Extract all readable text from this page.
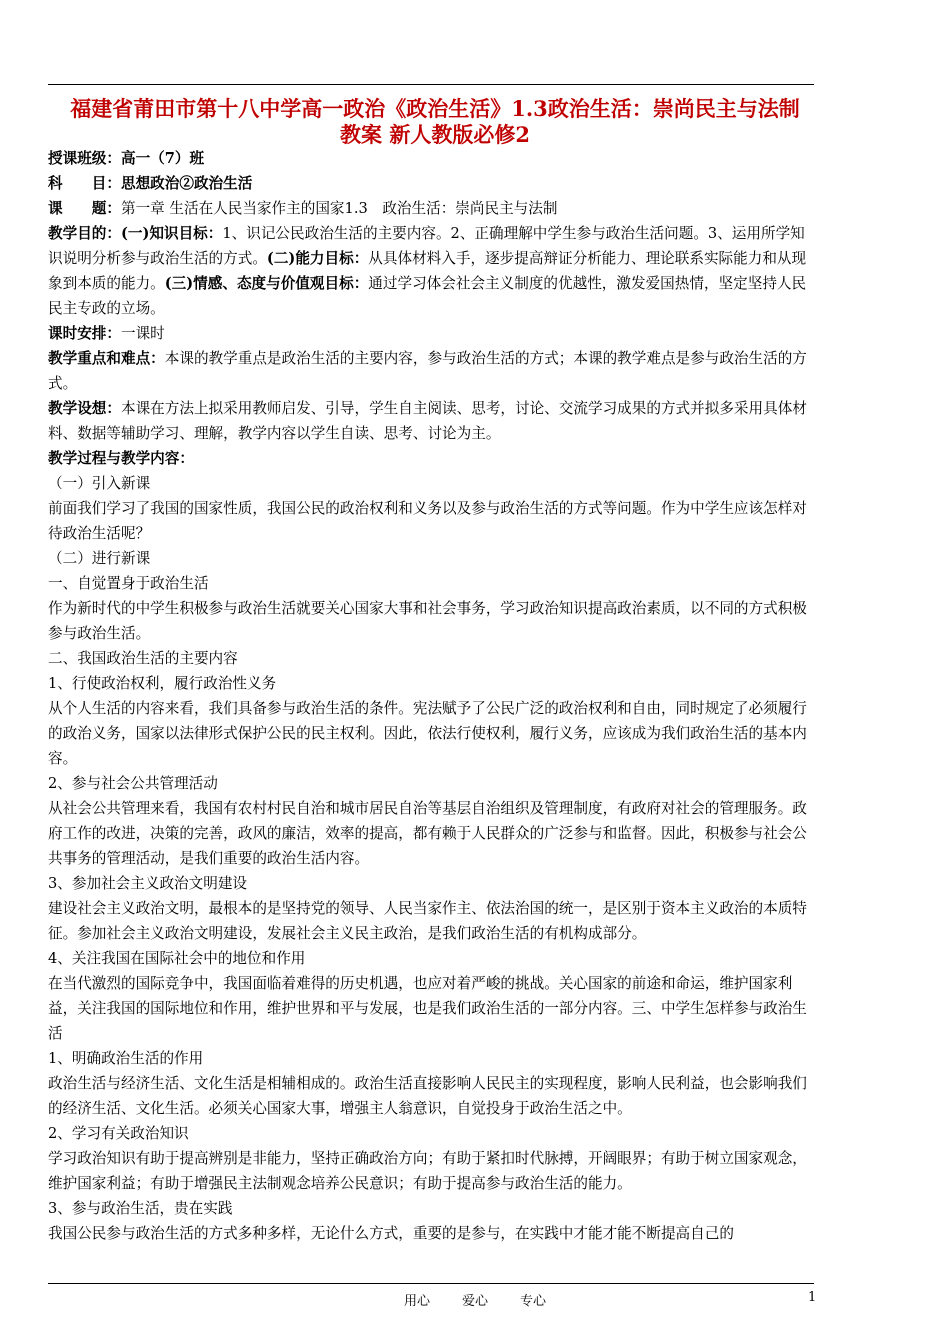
福建省莆田市第十八中学高一政治《政治生活》1.3政治生活：崇尚民主与法制
教案 新人教版必修2

授课班级：高一（7）班

科　　目：思想政治②政治生活

课　　题：第一章 生活在人民当家作主的国家1.3　政治生活：崇尚民主与法制

教学目的：(一)知识目标：1、识记公民政治生活的主要内容。2、正确理解中学生参与政治生活问题。3、运用所学知识说明分析参与政治生活的方式。(二)能力目标：从具体材料入手，逐步提高辩证分析能力、理论联系实际能力和从现象到本质的能力。(三)情感、态度与价值观目标：通过学习体会社会主义制度的优越性，激发爱国热情，坚定坚持人民民主专政的立场。

课时安排：一课时

教学重点和难点：本课的教学重点是政治生活的主要内容，参与政治生活的方式；本课的教学难点是参与政治生活的方式。

教学设想：本课在方法上拟采用教师启发、引导，学生自主阅读、思考，讨论、交流学习成果的方式并拟多采用具体材料、数据等辅助学习、理解，教学内容以学生自读、思考、讨论为主。

教学过程与教学内容：

（一）引入新课

前面我们学习了我国的国家性质，我国公民的政治权利和义务以及参与政治生活的方式等问题。作为中学生应该怎样对待政治生活呢？

（二）进行新课

一、自觉置身于政治生活

作为新时代的中学生积极参与政治生活就要关心国家大事和社会事务，学习政治知识提高政治素质，以不同的方式积极参与政治生活。

二、我国政治生活的主要内容

1、行使政治权利，履行政治性义务

从个人生活的内容来看，我们具备参与政治生活的条件。宪法赋予了公民广泛的政治权利和自由，同时规定了必须履行的政治义务，国家以法律形式保护公民的民主权利。因此，依法行使权利，履行义务，应该成为我们政治生活的基本内容。

2、参与社会公共管理活动

从社会公共管理来看，我国有农村村民自治和城市居民自治等基层自治组织及管理制度，有政府对社会的管理服务。政府工作的改进，决策的完善，政风的廉洁，效率的提高，都有赖于人民群众的广泛参与和监督。因此，积极参与社会公共事务的管理活动，是我们重要的政治生活内容。

3、参加社会主义政治文明建设

建设社会主义政治文明，最根本的是坚持党的领导、人民当家作主、依法治国的统一，是区别于资本主义政治的本质特征。参加社会主义政治文明建设，发展社会主义民主政治，是我们政治生活的有机构成部分。

4、关注我国在国际社会中的地位和作用

在当代激烈的国际竞争中，我国面临着难得的历史机遇，也应对着严峻的挑战。关心国家的前途和命运，维护国家利益，关注我国的国际地位和作用，维护世界和平与发展，也是我们政治生活的一部分内容。三、中学生怎样参与政治生活

1、明确政治生活的作用

政治生活与经济生活、文化生活是相辅相成的。政治生活直接影响人民民主的实现程度，影响人民利益，也会影响我们的经济生活、文化生活。必须关心国家大事，增强主人翁意识，自觉投身于政治生活之中。

2、学习有关政治知识

学习政治知识有助于提高辨别是非能力，坚持正确政治方向；有助于紧扣时代脉搏，开阔眼界；有助于树立国家观念，维护国家利益；有助于增强民主法制观念培养公民意识；有助于提高参与政治生活的能力。

3、参与政治生活，贵在实践

我国公民参与政治生活的方式多种多样，无论什么方式，重要的是参与，在实践中才能才能不断提高自己的

用心 爱心 专心	1
